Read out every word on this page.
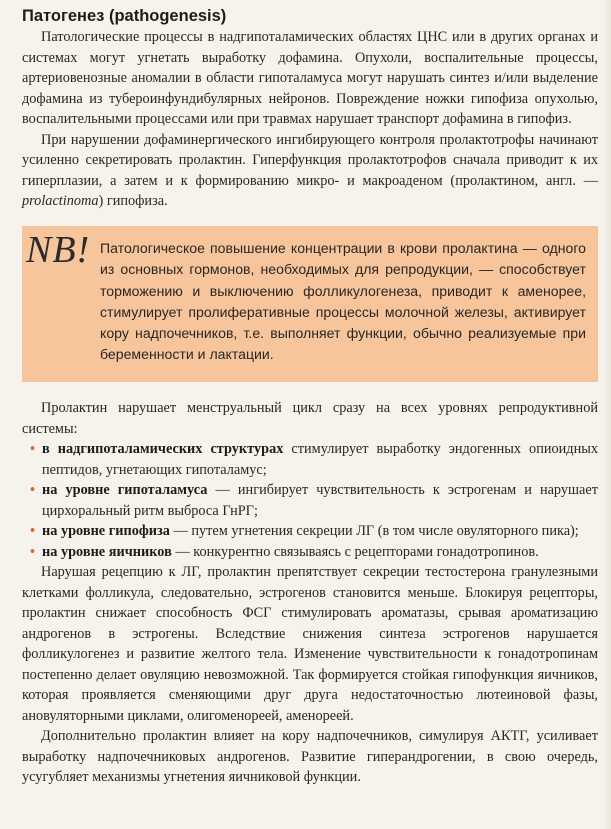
Патогенез (pathogenesis)

Патологические процессы в надгипоталамических областях ЦНС или в других органах и системах могут угнетать выработку дофамина. Опухоли, воспалительные процессы, артериовенозные аномалии в области гипоталамуса могут нарушать синтез и/или выделение дофамина из тубероинфундибулярных нейронов. Повреждение ножки гипофиза опухолью, воспалительными процессами или при травмах нарушает транспорт дофамина в гипофиз.

При нарушении дофаминергического ингибирующего контроля пролактотрофы начинают усиленно секретировать пролактин. Гиперфункция пролактотрофов сначала приводит к их гиперплазии, а затем и к формированию микро- и макроаденом (пролактином, англ. — prolactinoma) гипофиза.

NB! Патологическое повышение концентрации в крови пролактина — одного из основных гормонов, необходимых для репродукции, — способствует торможению и выключению фолликулогенеза, приводит к аменорее, стимулирует пролиферативные процессы молочной железы, активирует кору надпочечников, т.е. выполняет функции, обычно реализуемые при беременности и лактации.

Пролактин нарушает менструальный цикл сразу на всех уровнях репродуктивной системы:

• в надгипоталамических структурах стимулирует выработку эндогенных опиоидных пептидов, угнетающих гипоталамус;
• на уровне гипоталамуса — ингибирует чувствительность к эстрогенам и нарушает цирхоральный ритм выброса ГнРГ;
• на уровне гипофиза — путем угнетения секреции ЛГ (в том числе овуляторного пика);
• на уровне яичников — конкурентно связываясь с рецепторами гонадотропинов.

Нарушая рецепцию к ЛГ, пролактин препятствует секреции тестостерона гранулезными клетками фолликула, следовательно, эстрогенов становится меньше. Блокируя рецепторы, пролактин снижает способность ФСГ стимулировать ароматазы, срывая ароматизацию андрогенов в эстрогены. Вследствие снижения синтеза эстрогенов нарушается фолликулогенез и развитие желтого тела. Изменение чувствительности к гонадотропинам постепенно делает овуляцию невозможной. Так формируется стойкая гипофункция яичников, которая проявляется сменяющими друг друга недостаточностью лютеиновой фазы, ановуляторными циклами, олигоменореей, аменореей.

Дополнительно пролактин влияет на кору надпочечников, симулируя АКТГ, усиливает выработку надпочечниковых андрогенов. Развитие гиперандрогении, в свою очередь, усугубляет механизмы угнетения яичниковой функции.
